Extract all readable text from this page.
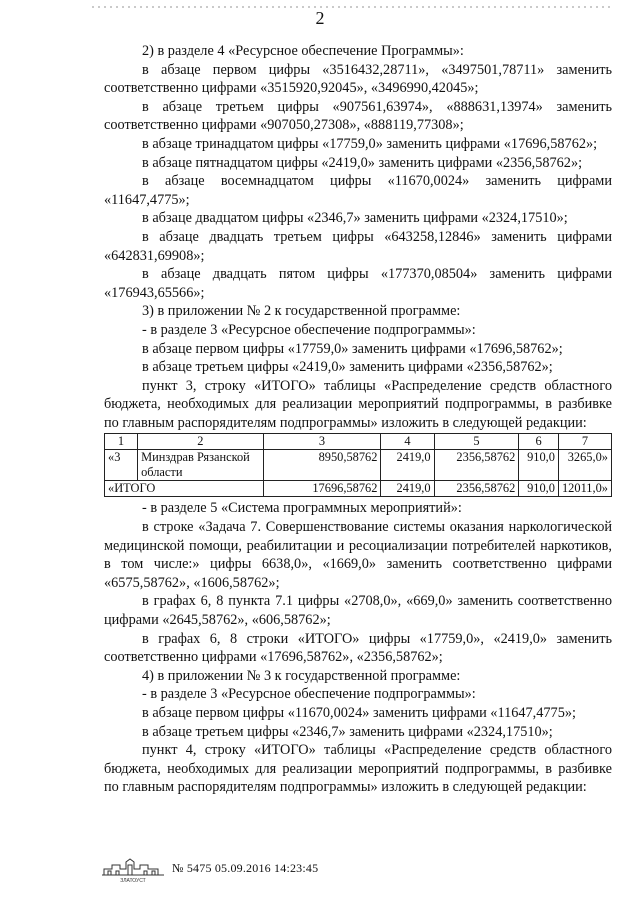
2

2) в разделе 4 «Ресурсное обеспечение Программы»:

в абзаце первом цифры «3516432,28711», «3497501,78711» заменить соответственно цифрами «3515920,92045», «3496990,42045»;

в абзаце третьем цифры «907561,63974», «888631,13974» заменить соответственно цифрами «907050,27308», «888119,77308»;

в абзаце тринадцатом цифры «17759,0» заменить цифрами «17696,58762»;

в абзаце пятнадцатом цифры «2419,0» заменить цифрами «2356,58762»;

в абзаце восемнадцатом цифры «11670,0024» заменить цифрами «11647,4775»;

в абзаце двадцатом цифры «2346,7» заменить цифрами «2324,17510»;

в абзаце двадцать третьем цифры «643258,12846» заменить цифрами «642831,69908»;

в абзаце двадцать пятом цифры «177370,08504» заменить цифрами «176943,65566»;

3) в приложении № 2 к государственной программе:

- в разделе 3 «Ресурсное обеспечение подпрограммы»:

в абзаце первом цифры «17759,0» заменить цифрами «17696,58762»;

в абзаце третьем цифры «2419,0» заменить цифрами «2356,58762»;

пункт 3, строку «ИТОГО» таблицы «Распределение средств областного бюджета, необходимых для реализации мероприятий подпрограммы, в разбивке по главным распорядителям подпрограммы» изложить в следующей редакции:

1	2	3	4	5	6	7
«3	Минздрав Рязанской области	8950,58762	2419,0	2356,58762	910,0	3265,0»
«ИТОГО		17696,58762	2419,0	2356,58762	910,0	12011,0»

- в разделе 5 «Система программных мероприятий»:

в строке «Задача 7. Совершенствование системы оказания наркологической медицинской помощи, реабилитации и ресоциализации потребителей наркотиков, в том числе:» цифры 6638,0», «1669,0» заменить соответственно цифрами «6575,58762», «1606,58762»;

в графах 6, 8 пункта 7.1 цифры «2708,0», «669,0» заменить соответственно цифрами «2645,58762», «606,58762»;

в графах 6, 8 строки «ИТОГО» цифры «17759,0», «2419,0» заменить соответственно цифрами «17696,58762», «2356,58762»;

4) в приложении № 3 к государственной программе:

- в разделе 3 «Ресурсное обеспечение подпрограммы»:

в абзаце первом цифры «11670,0024» заменить цифрами «11647,4775»;

в абзаце третьем цифры «2346,7» заменить цифрами «2324,17510»;

пункт 4, строку «ИТОГО» таблицы «Распределение средств областного бюджета, необходимых для реализации мероприятий подпрограммы, в разбивке по главным распорядителям подпрограммы» изложить в следующей редакции:

ЗЛАТОУСТ
№ 5475 05.09.2016 14:23:45
